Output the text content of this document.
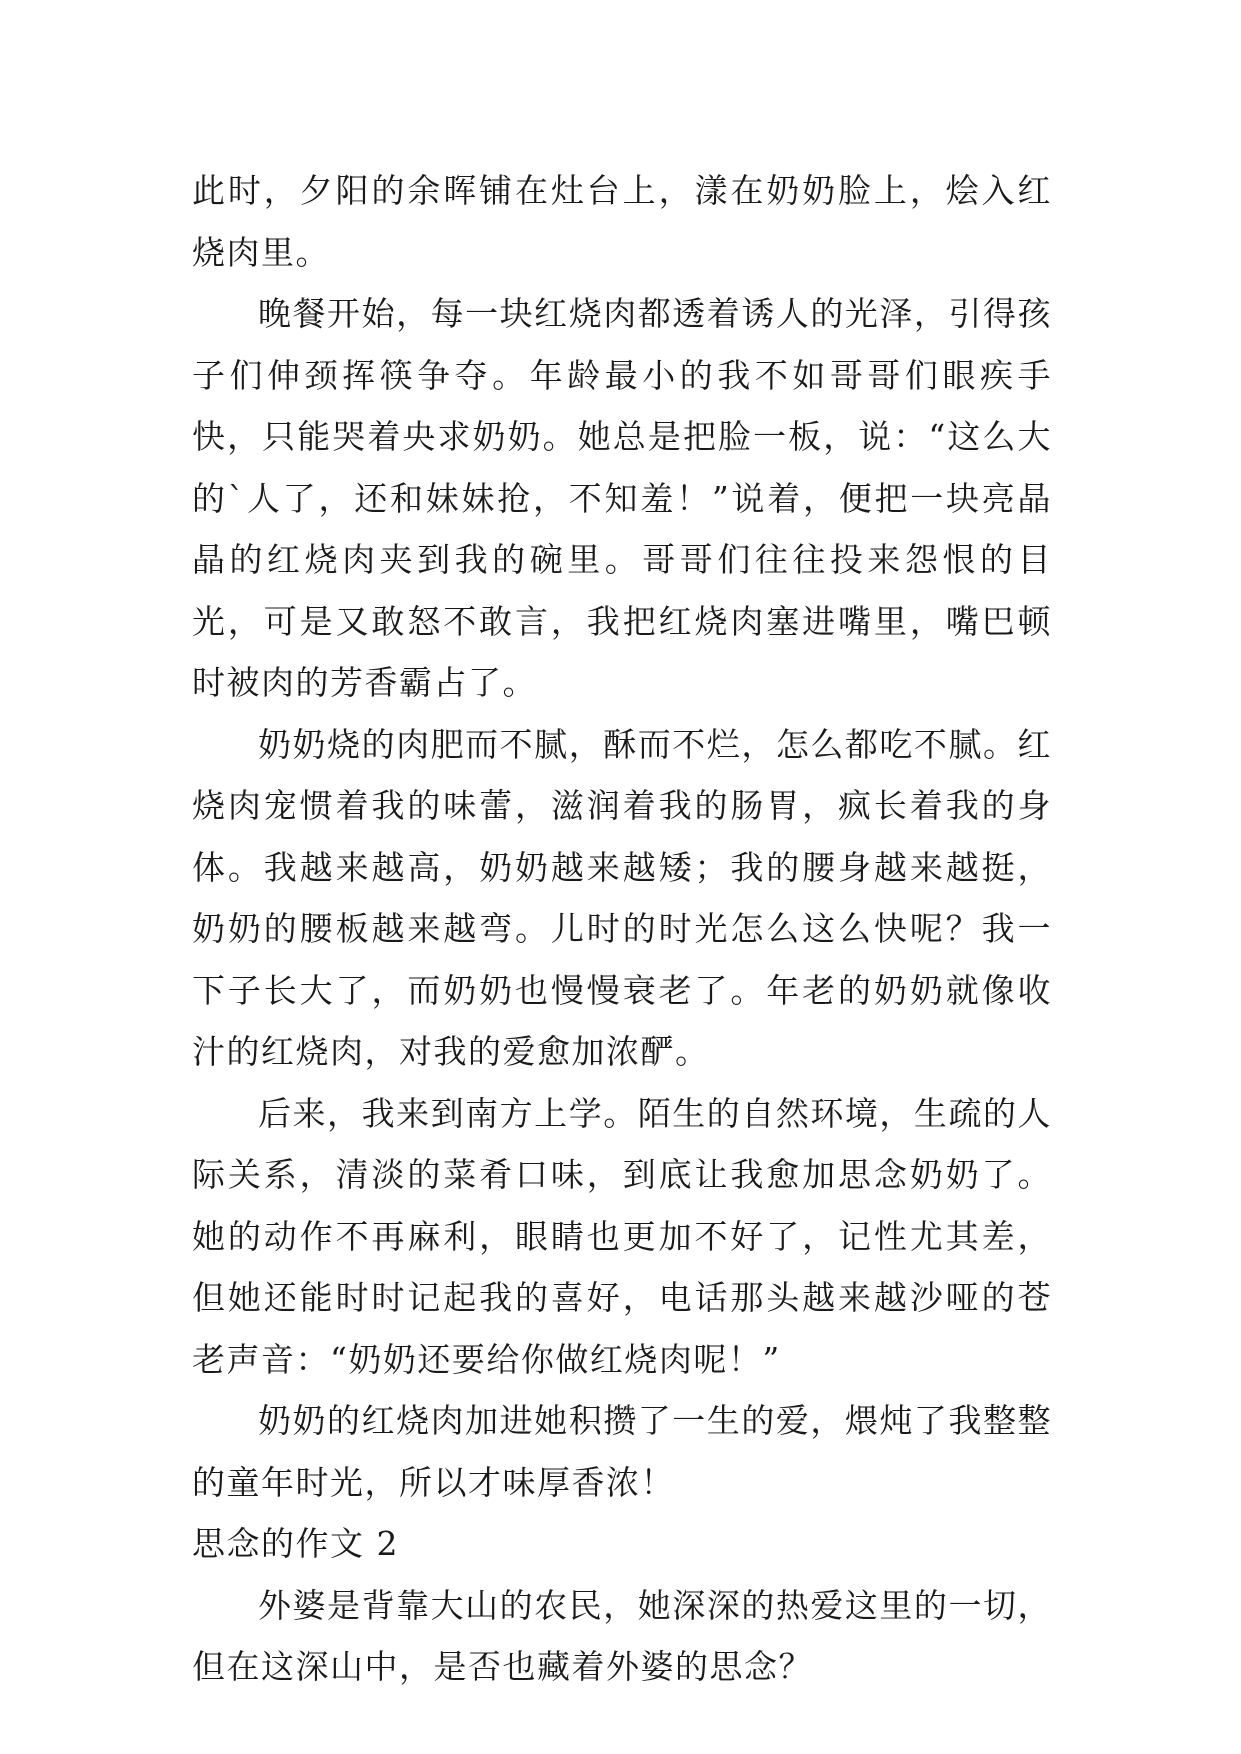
此时，夕阳的余晖铺在灶台上，漾在奶奶脸上，烩入红烧肉里。

晚餐开始，每一块红烧肉都透着诱人的光泽，引得孩子们伸颈挥筷争夺。年龄最小的我不如哥哥们眼疾手快，只能哭着央求奶奶。她总是把脸一板，说：“这么大的`人了，还和妹妹抢，不知羞！”说着，便把一块亮晶晶的红烧肉夹到我的碗里。哥哥们往往投来怨恨的目光，可是又敢怒不敢言，我把红烧肉塞进嘴里，嘴巴顿时被肉的芳香霸占了。

奶奶烧的肉肥而不腻，酥而不烂，怎么都吃不腻。红烧肉宠惯着我的味蕾，滋润着我的肠胃，疯长着我的身体。我越来越高，奶奶越来越矮；我的腰身越来越挺，奶奶的腰板越来越弯。儿时的时光怎么这么快呢？我一下子长大了，而奶奶也慢慢衰老了。年老的奶奶就像收汁的红烧肉，对我的爱愈加浓酽。

后来，我来到南方上学。陌生的自然环境，生疏的人际关系，清淡的菜肴口味，到底让我愈加思念奶奶了。她的动作不再麻利，眼睛也更加不好了，记性尤其差，但她还能时时记起我的喜好，电话那头越来越沙哑的苍老声音：“奶奶还要给你做红烧肉呢！”

奶奶的红烧肉加进她积攒了一生的爱，煨炖了我整整的童年时光，所以才味厚香浓！

思念的作文 2

外婆是背靠大山的农民，她深深的热爱这里的一切，但在这深山中，是否也藏着外婆的思念？
